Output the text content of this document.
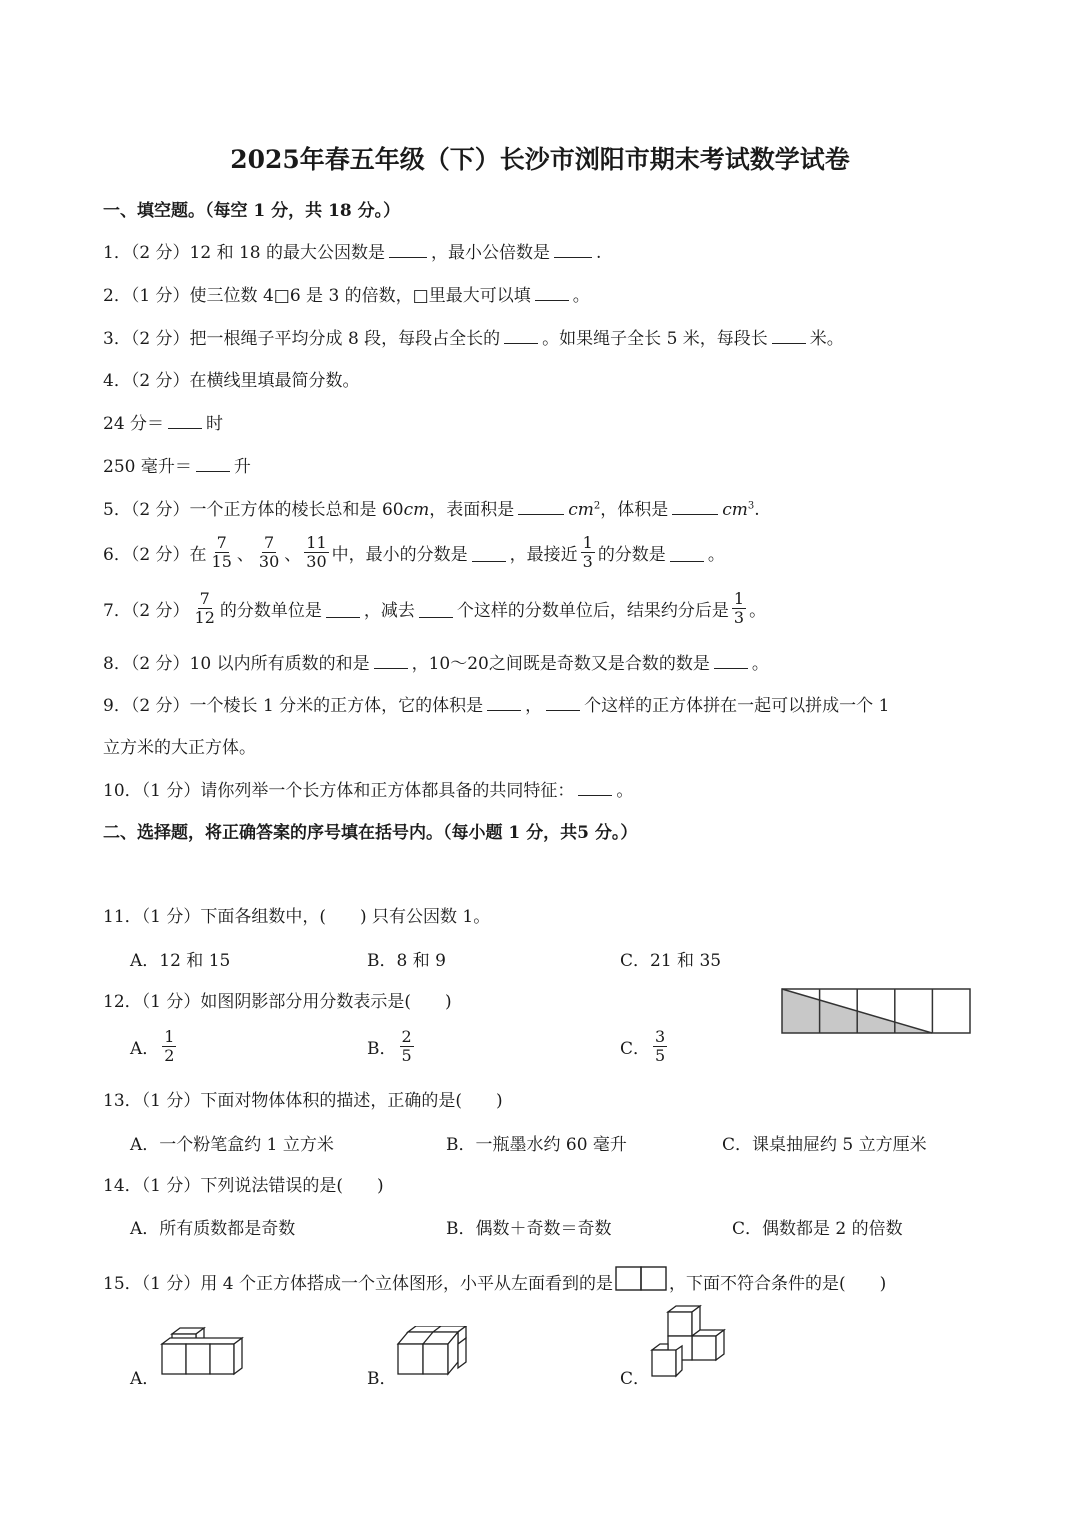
2025年春五年级（下）长沙市浏阳市期末考试数学试卷
一、填空题。（每空 1 分，共 18 分。）
1．（2 分）12 和 18 的最大公因数是	，最小公倍数是	.
2．（1 分）使三位数 4□6 是 3 的倍数，□里最大可以填 。
3．（2 分）把一根绳子平均分成 8 段，每段占全长的 。如果绳子全长 5 米，每段长 米。
4．（2 分）在横线里填最简分数。
24 分＝ 时
250 毫升＝ 升
5．（2 分）一个正方体的棱长总和是 60cm，表面积是	$cm^2$，体积是	$cm^3$.
6．（2 分）在 $\frac{7}{15}$ 、 $\frac{7}{30}$ 、 $\frac{11}{30}$ 中，最小的分数是 ，最接近 $\frac{1}{3}$ 的分数是 。
7．（2 分） $\frac{7}{12}$ 的分数单位是 ，减去 个这样的分数单位后，结果约分后是 $\frac{1}{3}$ 。
8．（2 分）10 以内所有质数的和是 ，10～20之间既是奇数又是合数的数是 。
9．（2 分）一个棱长 1 分米的正方体，它的体积是 ， 个这样的正方体拼在一起可以拼成一个 1
立方米的大正方体。
10．（1 分）请你列举一个长方体和正方体都具备的共同特征： 。
二、选择题，将正确答案的序号填在括号内。（每小题 1 分，共5 分。）
11．（1 分）下面各组数中，(　　) 只有公因数 1。
A．12 和 15	B．8 和 9	C．21 和 35
12．（1 分）如图阴影部分用分数表示是(　　)
A． $\frac{1}{2}$	B． $\frac{2}{5}$	C． $\frac{3}{5}$
13．（1 分）下面对物体体积的描述，正确的是(　　)
A．一个粉笔盒约 1 立方米	B．一瓶墨水约 60 毫升	C．课桌抽屉约 5 立方厘米
14．（1 分）下列说法错误的是(　　)
A．所有质数都是奇数	B．偶数＋奇数＝奇数	C．偶数都是 2 的倍数
15．（1 分）用 4 个正方体搭成一个立体图形，小平从左面看到的是	，下面不符合条件的是(　　)
A．	B．	C．
